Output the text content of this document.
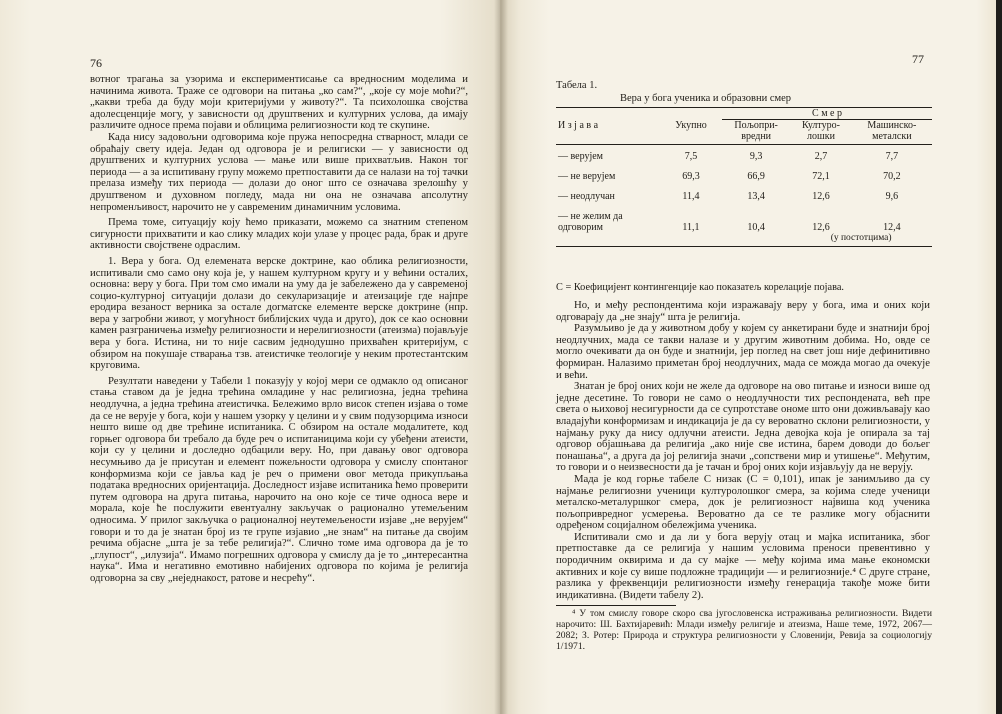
76

вотног трагања за узорима и експериментисање са вредносним моделима и начинима живота. Траже се одговори на питања „ко сам?“, „које су моје моћи?“, „какви треба да буду моји критеријуми у животу?“. Та психолошка својства адолесценције могу, у зависности од друштвених и културних услова, да имају различите односе према појави и облицима религиозности код те скупине.

Када нису задовољни одговорима које пружа непосредна стварност, млади се обраћају свету идеја. Један од одговора је и религиски — у зависности од друштвених и културних услова — мање или више прихватљив. Након тог периода — а за испитивану групу можемо претпоставити да се налази на тој тачки прелаза између тих периода — долази до оног што се означава зрелошћу у друштвеном и духовном погледу, мада ни она не означава апсолутну непроменљивост, нарочито не у савременим динамичним условима.

Према томе, ситуацију коју ћемо приказати, можемо са знатним степеном сигурности прихватити и као слику младих који улазе у процес рада, брак и друге активности својствене одраслим.

1. Вера у бога. Од елемената верске доктрине, као облика религиозности, испитивали смо само ону која је, у нашем културном кругу и у већини осталих, основна: веру у бога. При том смо имали на уму да је забележено да у савременој социо-културној ситуацији долази до секуларизације и атеизације где најпре еродира везаност верника за остале догматске елементе верске доктрине (нпр. вера у загробни живот, у могућност библијских чуда и друго), док се као основни камен разграничења између религиозности и нерелигиозности (атеизма) појављује вера у бога. Истина, ни то није сасвим једнодушно прихваћен критеријум, с обзиром на покушаје стварања тзв. атеистичке теологије у неким протестантским круговима.

Резултати наведени у Табели 1 показују у којој мери се одмакло од описаног стања ставом да је једна трећина омладине у нас религиозна, једна трећина неодлучна, а једна трећина атеистичка. Бележимо врло висок степен изјава о томе да се не верује у бога, који у нашем узорку у целини и у свим подузорцима износи нешто више од две трећине испитаника. С обзиром на остале модалитете, код горњег одговора би требало да буде реч о испитаницима који су убеђени атеисти, који су у целини и доследно одбацили веру. Но, при давању овог одговора несумњиво да је присутан и елемент пожељности одговора у смислу спонтаног конформизма који се јавља кад је реч о примени овог метода прикупљања података вредносних оријентација. Доследност изјаве испитаника ћемо проверити путем одговора на друга питања, нарочито на оно које се тиче односа вере и морала, које ће послужити евентуалну закључак о рационално утемељеним односима. У прилог закључка о рационалној неутемељености изјаве „не верујем“ говори и то да је знатан број из те групе изјавио „не знам“ на питање да својим речима објасне „шта је за тебе религија?“. Слично томе има одговора да је то „глупост“, „илузија“. Имамо погрешних одговора у смислу да је то „интересантна наука“. Има и негативно емотивно набијених одговора по којима је религија одговорна за сву „неједнакост, ратове и несрећу“.

77
Табела 1.
Вера у бога ученика и образовни смер
		С м е р		
И з ј а в а	Укупно	Пољопри-вредни	Културо-лошки	Машинско-металски

— верујем	7,5	9,3	2,7	7,7

— не верујем	69,3	66,9	72,1	70,2

— неодлучан	11,4	13,4	12,6	9,6

— не желим да одговорим	11,1	10,4	12,6	12,4
			(у постотцима)	
C = Коефицијент контингенције као показатељ корелације појава.

Но, и међу респондентима који изражавају веру у бога, има и оних који одговарају да „не знају“ шта је религија.

Разумљиво је да у животном добу у којем су анкетирани буде и знатнији број неодлучних, мада се такви налазе и у другим животним добима. Но, овде се могло очекивати да он буде и знатнији, јер поглед на свет још није дефинитивно формиран. Налазимо приметан број неодлучних, мада се можда могао да очекује и већи.

Знатан је број оних који не желе да одговоре на ово питање и износи више од једне десетине. То говори не само о неодлучности тих респондената, већ пре света о њиховој несигурности да се супротставе ономе што они доживљавају као владајући конформизам и индикација је да су вероватно склони религиозности, у најмању руку да нису одлучни атеисти. Једна девојка која је опирала за тај одговор објашњава да религија „ако није све истина, барем доводи до бољег понашања“, а друга да јој религија значи „сопствени мир и утишење“. Међутим, то говори и о неизвесности да је тачан и број оних који изјављују да не верују.

Мада је код горње табеле C низак (C = 0,101), ипак је занимљиво да су најмање религиозни ученици културолошког смера, за којима следе ученици металско-металуршког смера, док је религиозност највиша код ученика пољопривредног усмерења. Вероватно да се те разлике могу објаснити одређеном социјалном обележјима ученика.

Испитивали смо и да ли у бога верују отац и мајка испитаника, због претпоставке да се религија у нашим условима преноси превентивно у породичним оквирима и да су мајке — међу којима има мање економски активних и које су више подложне традицији — и религиозније.⁴ С друге стране, разлика у фреквенцији религиозности између генерација такође може бити индикативна. (Видети табелу 2).

⁴ У том смислу говоре скоро сва југословенска истраживања религиозности. Видети нарочито: Ш. Бахтијаревић: Млади између религије и атеизма, Наше теме, 1972, 2067—2082; З. Ротер: Природа и структура религиозности у Словенији, Ревија за социологију 1/1971.
